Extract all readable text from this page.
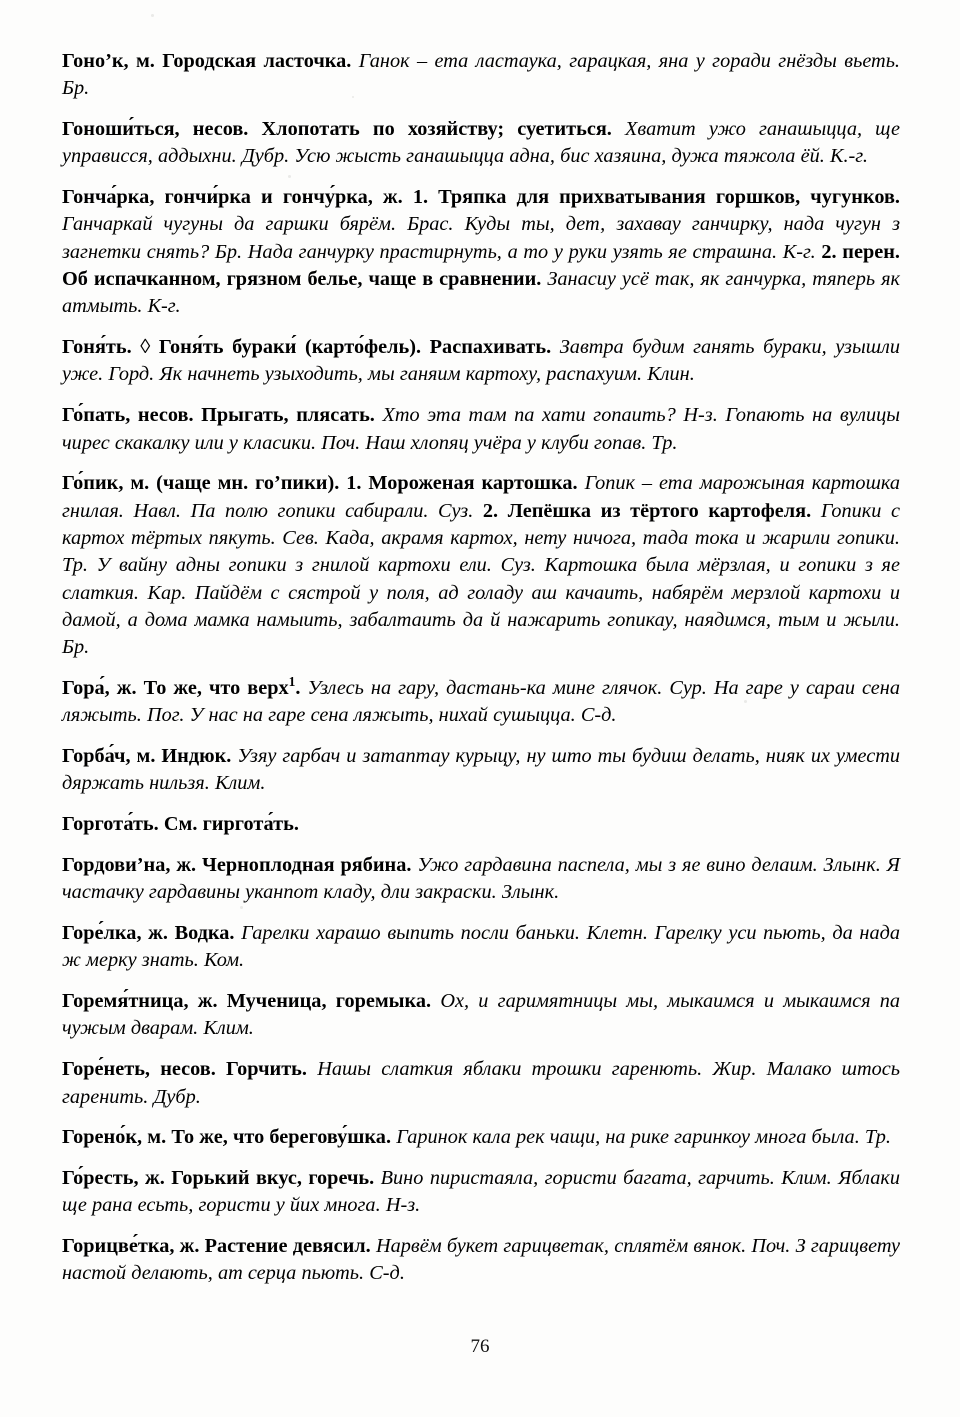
Гоно’к, м. Городская ласточка. Ганок – ета ластаука, гарацкая, яна у горади гнёзды вьеть. Бр.

Гоноши́ться, несов. Хлопотать по хозяйству; суетиться. Хватит ужо ганашыцца, ще управисся, аддыхни. Дубр. Усю жысть ганашыцца адна, бис хазяина, дужа тяжола ёй. К.-г.

Гонча́рка, гончи́рка и гончу́рка, ж. 1. Тряпка для прихватывания горшков, чугунков. Ганчаркай чугуны да гаршки бярём. Брас. Куды ты, дет, захавау ганчирку, нада чугун з загнетки снять? Бр. Нада ганчурку прастирнуть, а то у руки узять яе страшна. К-г. 2. перен. Об испачканном, грязном белье, чаще в сравнении. Занасиу усё так, як ганчурка, тяперь як атмыть. К-г.

Гоня́ть. ◊ Гоня́ть бураки́ (карто́фель). Распахивать. Завтра будим ганять бураки, узышли уже. Горд. Як начнеть узыходить, мы ганяим картоху, распахуим. Клин.

Го́пать, несов. Прыгать, плясать. Хто эта там па хати гопаить? Н-з. Гопають на вулицы чирес скакалку или у класики. Поч. Наш хлопяц учёра у клуби гопав. Тр.

Го́пик, м. (чаще мн. го’пики). 1. Мороженая картошка. Гопик – ета марожыная картошка гнилая. Навл. Па полю гопики сабирали. Суз. 2. Лепёшка из тёртого картофеля. Гопики с картох тёртых пякуть. Сев. Када, акрамя картох, нету ничога, тада тока и жарили гопики. Тр. У вайну адны гопики з гнилой картохи ели. Суз. Картошка была мёрзлая, и гопики з яе слаткия. Кар. Пайдём с сястрой у поля, ад голаду аш качаить, набярём мерзлой картохи и дамой, а дома мамка намыить, забалтаить да й нажарить гопикау, наядимся, тым и жыли. Бр.

Гора́, ж. То же, что верх$^1$. Узлесь на гару, дастань-ка мине глячок. Сур. На гаре у сараи сена ляжыть. Пог. У нас на гаре сена ляжыть, нихай сушыцца. С-д.

Горба́ч, м. Индюк. Узяу гарбач и затаптау курыцу, ну што ты будиш делать, нияк их умести дяржать нильзя. Клим.

Горгота́ть. См. гиргота́ть.

Гордови’на, ж. Черноплодная рябина. Ужо гардавина паспела, мы з яе вино делаим. Злынк. Я частачку гардавины уканпот кладу, дли закраски. Злынк.

Горе́лка, ж. Водка. Гарелки харашо выпить посли баньки. Клетн. Гарелку уси пьють, да нада ж мерку знать. Ком.

Горемя́тница, ж. Мученица, горемыка. Ох, и гаримятницы мы, мыкаимся и мыкаимся па чужым дварам. Клим.

Горе́неть, несов. Горчить. Нашы слаткия яблаки трошки гаренють. Жир. Малако штось гаренить. Дубр.

Горено́к, м. То же, что берегову́шка. Гаринок кала рек чащи, на рике гаринкоу многа была. Тр.

Го́ресть, ж. Горький вкус, горечь. Вино пиристаяла, гористи багата, гарчить. Клим. Яблаки ще рана есьть, гористи у йих многа. Н-з.

Горицве́тка, ж. Растение девясил. Нарвём букет гарицветак, сплятём вянок. Поч. З гарицвету настой делають, ат серца пьють. С-д.

76
